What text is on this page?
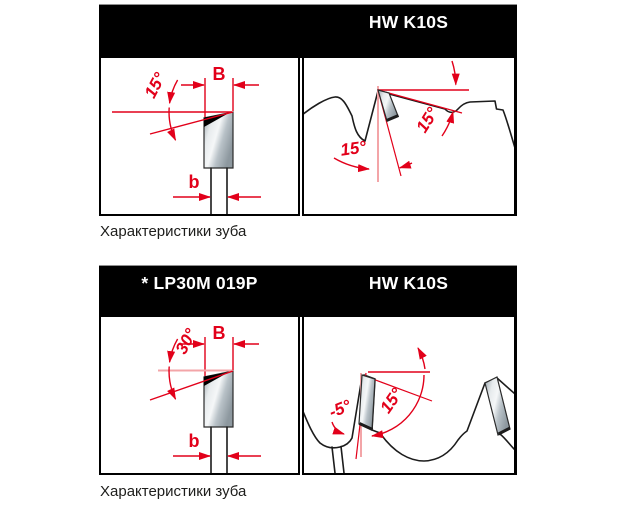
HW K10S
B
15°
b
15°
15°
Характеристики зуба
* LP30M 019P	HW K10S
B
30°
b
-5° 15°
Характеристики зуба
